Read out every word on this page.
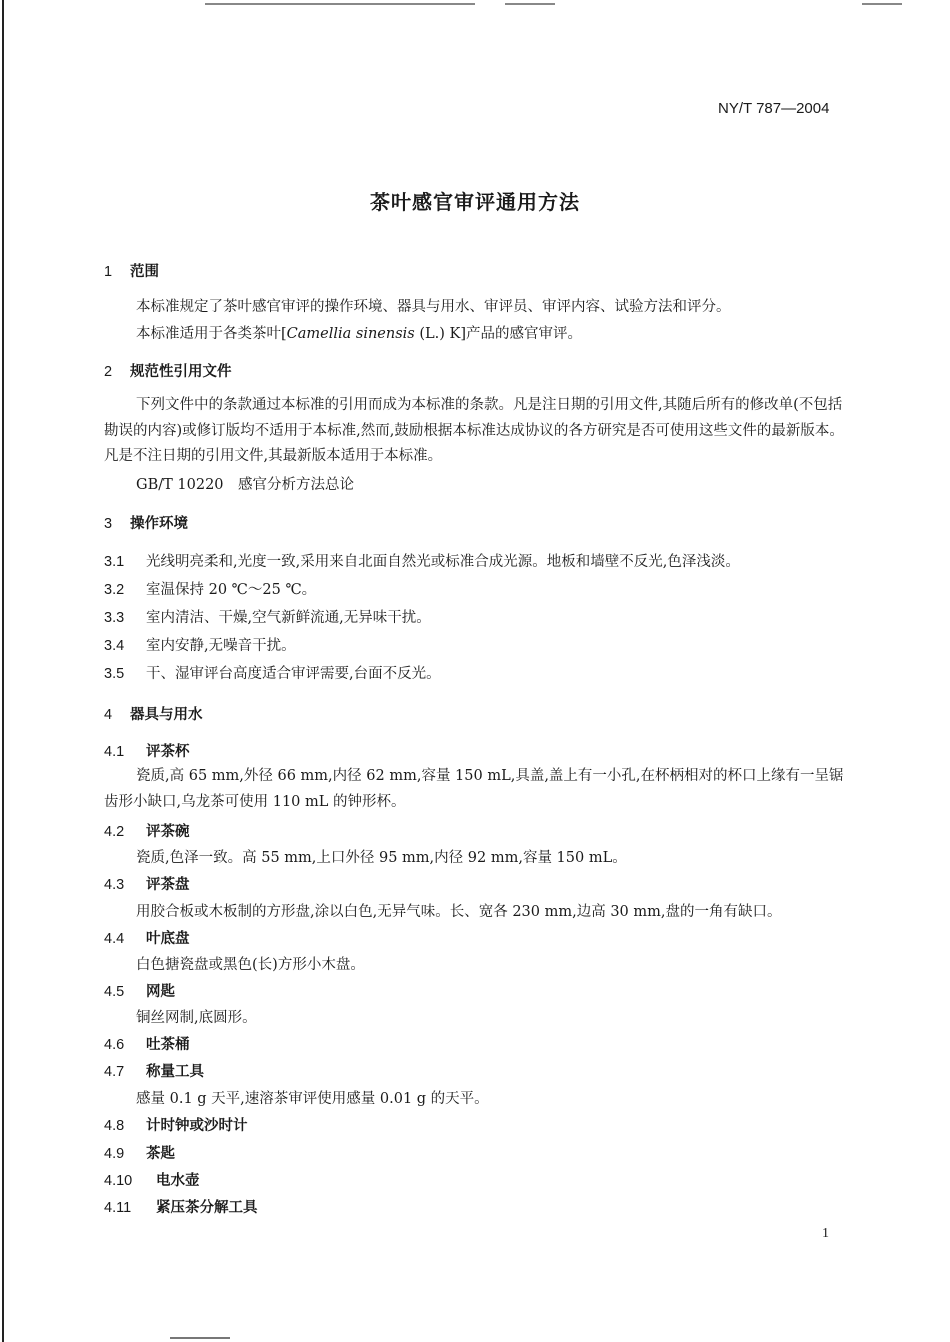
NY/T 787—2004
茶叶感官审评通用方法
1 范围
本标准规定了茶叶感官审评的操作环境、器具与用水、审评员、审评内容、试验方法和评分。
本标准适用于各类茶叶[Camellia sinensis (L.) K]产品的感官审评。
2 规范性引用文件
下列文件中的条款通过本标准的引用而成为本标准的条款。凡是注日期的引用文件,其随后所有的修改单(不包括勘误的内容)或修订版均不适用于本标准,然而,鼓励根据本标准达成协议的各方研究是否可使用这些文件的最新版本。凡是不注日期的引用文件,其最新版本适用于本标准。
GB/T 10220　感官分析方法总论
3 操作环境
3.1 光线明亮柔和,光度一致,采用来自北面自然光或标准合成光源。地板和墙壁不反光,色泽浅淡。
3.2 室温保持 20 ℃～25 ℃。
3.3 室内清洁、干燥,空气新鲜流通,无异味干扰。
3.4 室内安静,无噪音干扰。
3.5 干、湿审评台高度适合审评需要,台面不反光。
4 器具与用水
4.1 评茶杯
瓷质,高 65 mm,外径 66 mm,内径 62 mm,容量 150 mL,具盖,盖上有一小孔,在杯柄相对的杯口上缘有一呈锯齿形小缺口,乌龙茶可使用 110 mL 的钟形杯。
4.2 评茶碗
瓷质,色泽一致。高 55 mm,上口外径 95 mm,内径 92 mm,容量 150 mL。
4.3 评茶盘
用胶合板或木板制的方形盘,涂以白色,无异气味。长、宽各 230 mm,边高 30 mm,盘的一角有缺口。
4.4 叶底盘
白色搪瓷盘或黑色(长)方形小木盘。
4.5 网匙
铜丝网制,底圆形。
4.6 吐茶桶
4.7 称量工具
感量 0.1 g 天平,速溶茶审评使用感量 0.01 g 的天平。
4.8 计时钟或沙时计
4.9 茶匙
4.10 电水壶
4.11 紧压茶分解工具
1
